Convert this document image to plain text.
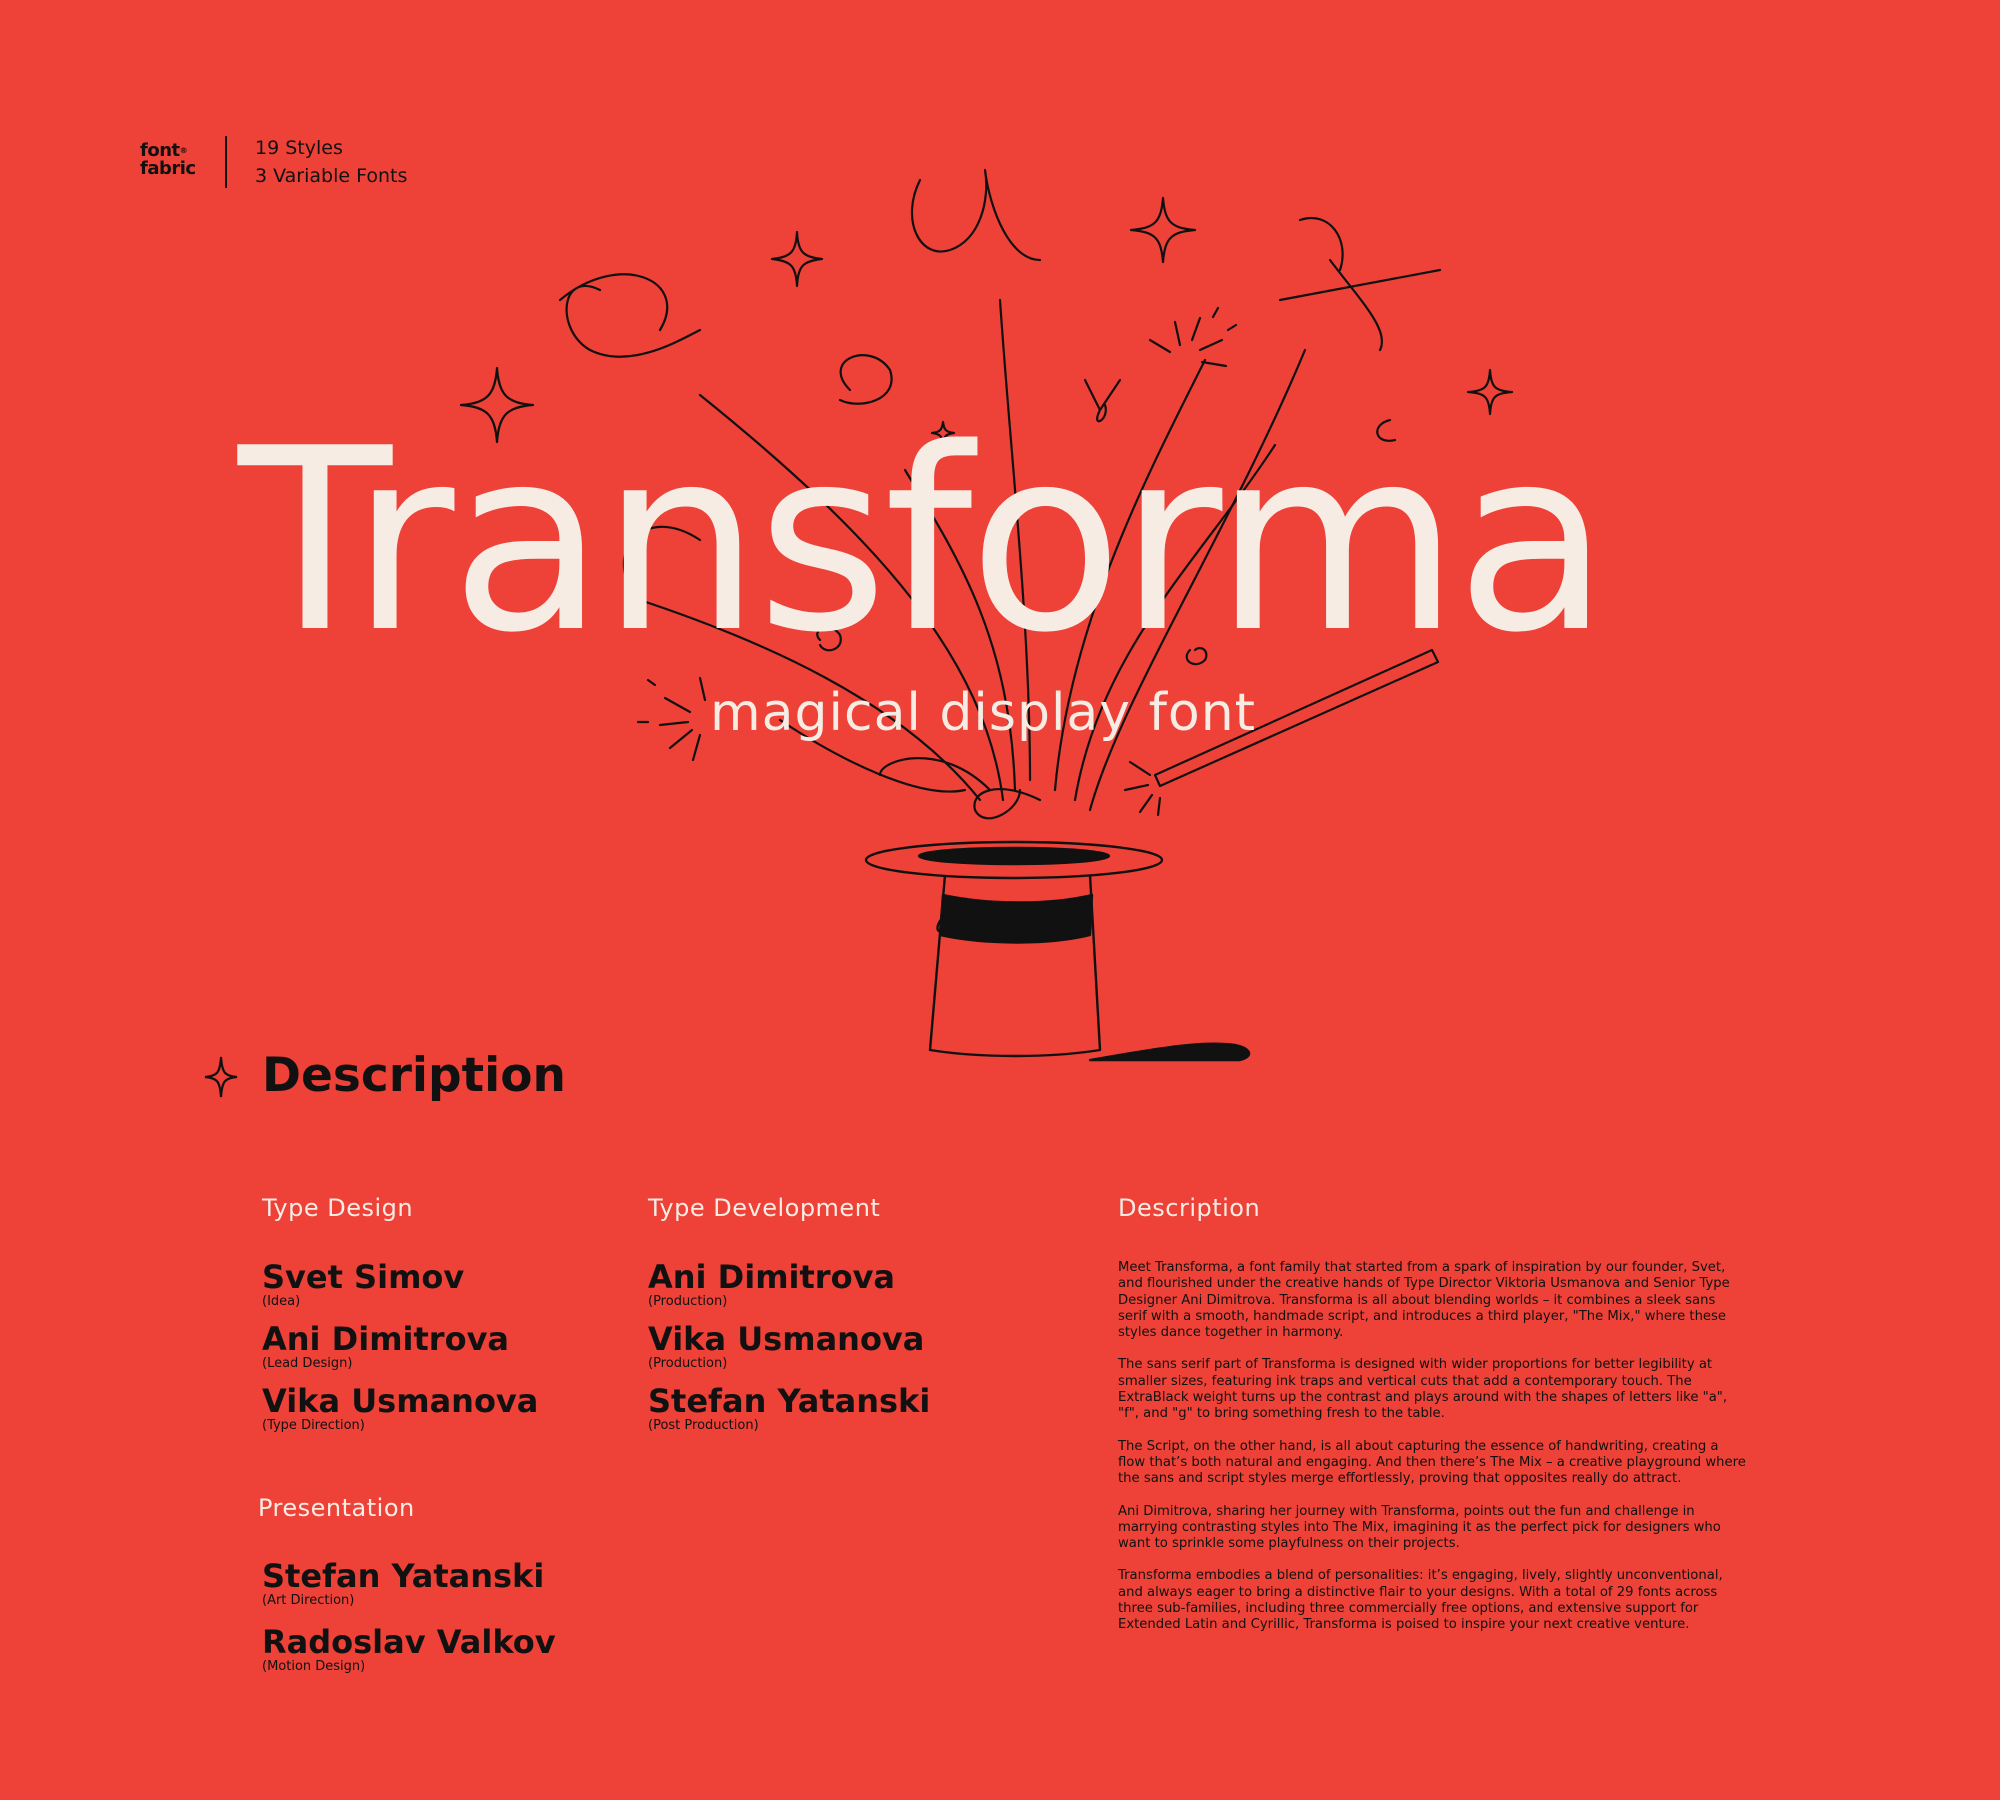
font®
fabric
19 Styles
3 Variable Fonts
Transforma
magical display font
Description
Type Design
Svet Simov
(Idea)
Ani Dimitrova
(Lead Design)
Vika Usmanova
(Type Direction)
Type Development
Ani Dimitrova
(Production)
Vika Usmanova
(Production)
Stefan Yatanski
(Post Production)
Presentation
Stefan Yatanski
(Art Direction)
Radoslav Valkov
(Motion Design)
Description

Meet Transforma, a font family that started from a spark of inspiration by our founder, Svet, and flourished under the creative hands of Type Director Viktoria Usmanova and Senior Type Designer Ani Dimitrova. Transforma is all about blending worlds – it combines a sleek sans serif with a smooth, handmade script, and introduces a third player, "The Mix," where these styles dance together in harmony.

The sans serif part of Transforma is designed with wider proportions for better legibility at smaller sizes, featuring ink traps and vertical cuts that add a contemporary touch. The ExtraBlack weight turns up the contrast and plays around with the shapes of letters like "a", "f", and "g" to bring something fresh to the table.

The Script, on the other hand, is all about capturing the essence of handwriting, creating a flow that’s both natural and engaging. And then there’s The Mix – a creative playground where the sans and script styles merge effortlessly, proving that opposites really do attract.

Ani Dimitrova, sharing her journey with Transforma, points out the fun and challenge in marrying contrasting styles into The Mix, imagining it as the perfect pick for designers who want to sprinkle some playfulness on their projects.

Transforma embodies a blend of personalities: it’s engaging, lively, slightly unconventional, and always eager to bring a distinctive flair to your designs. With a total of 29 fonts across three sub-families, including three commercially free options, and extensive support for Extended Latin and Cyrillic, Transforma is poised to inspire your next creative venture.
